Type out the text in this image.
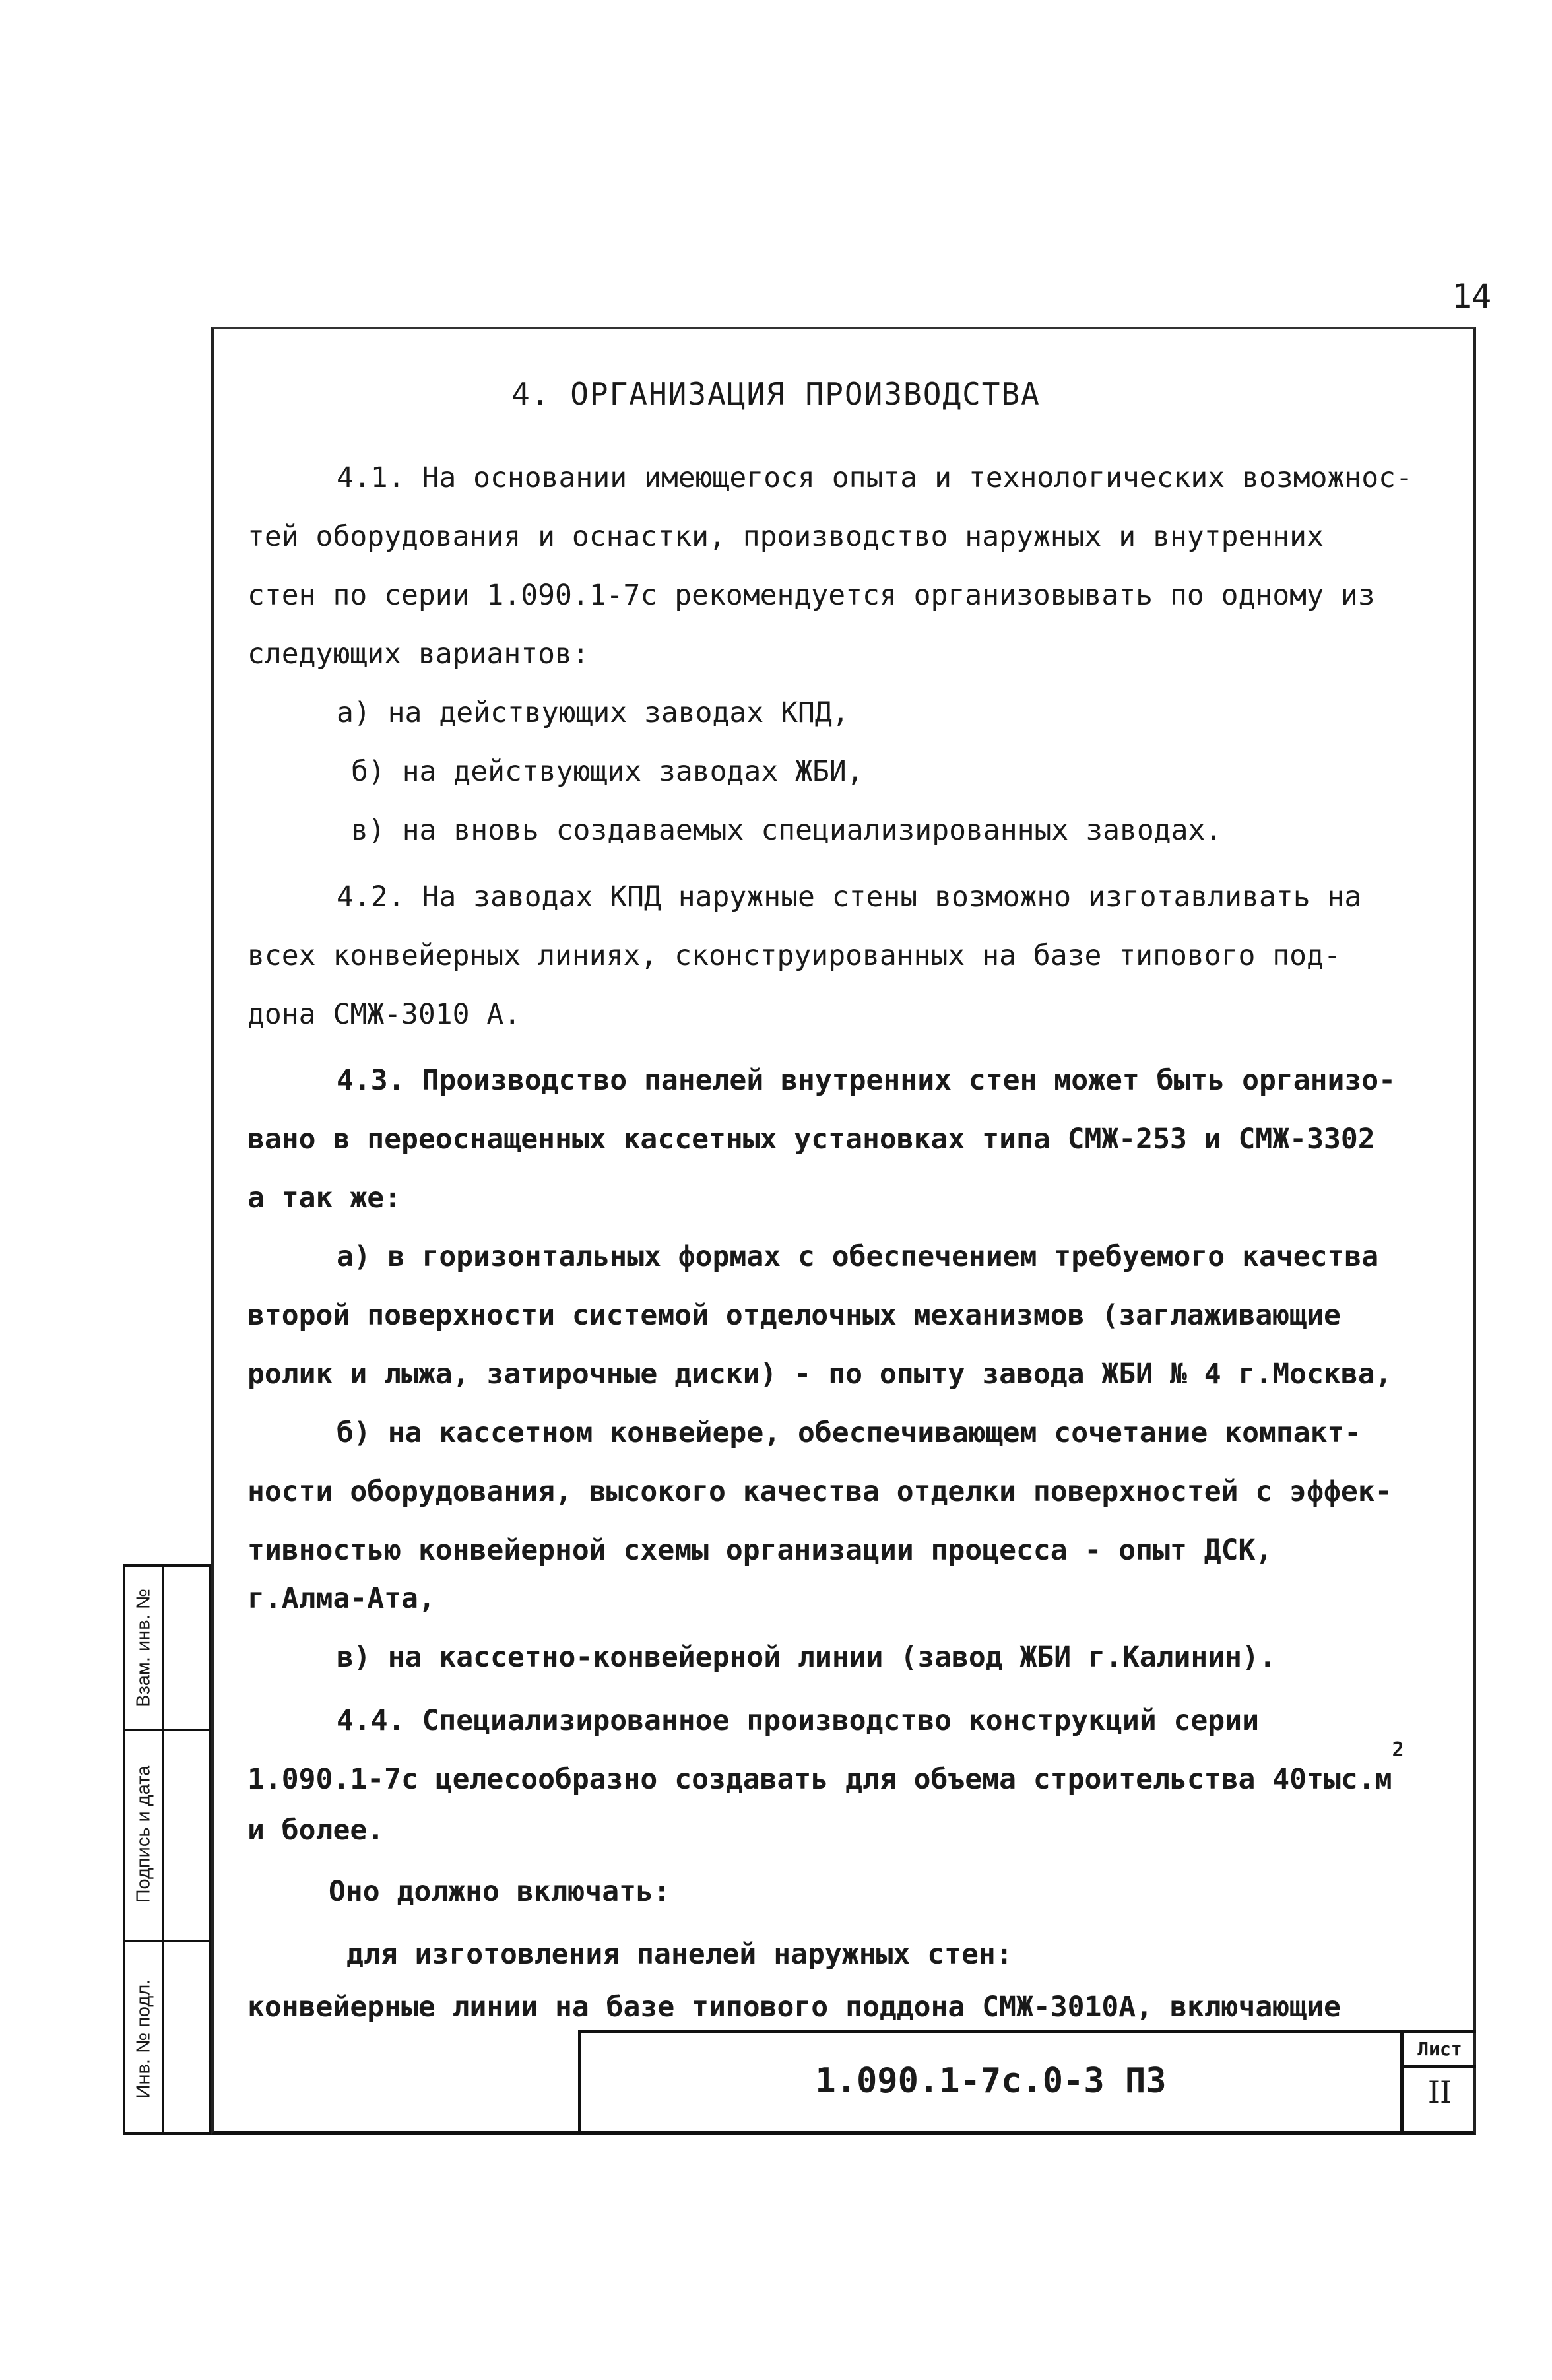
14
4. ОРГАНИЗАЦИЯ ПРОИЗВОДСТВА

4.1. На основании имеющегося опыта и технологических возможнос-

тей оборудования и оснастки, производство наружных и внутренних

стен по серии 1.090.1-7с рекомендуется организовывать по одному из

следующих вариантов:

а) на действующих заводах КПД,

б) на действующих заводах ЖБИ,

в) на вновь создаваемых специализированных заводах.

4.2. На заводах КПД наружные стены возможно изготавливать на

всех конвейерных линиях, сконструированных на базе типового под-

дона СМЖ-3010 А.

4.3. Производство панелей внутренних стен может быть организо-

вано в переоснащенных кассетных установках типа СМЖ-253 и СМЖ-3302

а так же:

а) в горизонтальных формах с обеспечением требуемого качества

второй поверхности системой отделочных механизмов (заглаживающие

ролик и лыжа, затирочные диски) - по опыту завода ЖБИ № 4 г.Москва,

б) на кассетном конвейере, обеспечивающем сочетание компакт-

ности оборудования, высокого качества отделки поверхностей с эффек-

тивностью конвейерной схемы организации процесса - опыт ДСК,

г.Алма-Ата,

в) на кассетно-конвейерной линии (завод ЖБИ г.Калинин).

4.4. Специализированное производство конструкций серии

1.090.1-7с целесообразно создавать для объема строительства $40тыс.м^2$

и более.

Оно должно включать:

для изготовления панелей наружных стен:

конвейерные линии на базе типового поддона СМЖ-3010А, включающие

1.090.1-7с.0-3 ПЗ
Лист
II
Взам. инв. №
Подпись и дата
Инв. № подл.
